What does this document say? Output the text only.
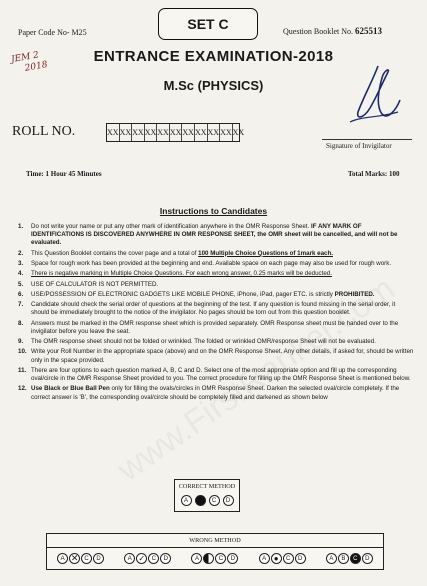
Paper Code No- M25
SET C	Question Booklet No. 625513
JEM 2
2018
ENTRANCE EXAMINATION-2018
M.Sc (PHYSICS)
ROLL NO.	XX XX XX XX XX XX XX XX XX XX XX
Signature of Invigilator
Time: 1 Hour 45 Minutes	Total Marks: 100
Instructions to Candidates
1.	Do not write your name or put any other mark of identification anywhere in the OMR Response Sheet. IF ANY MARK OF IDENTIFICATIONS IS DISCOVERED ANYWHERE IN OMR RESPONSE SHEET, the OMR sheet will be cancelled, and will not be evaluated.
2.	This Question Booklet contains the cover page and a total of 100 Multiple Choice Questions of 1mark each.
3.	Space for rough work has been provided at the beginning and end. Available space on each page may also be used for rough work.
4.	There is negative marking in Multiple Choice Questions. For each wrong answer, 0.25 marks will be deducted.
5.	USE OF CALCULATOR IS NOT PERMITTED.
6.	USE/POSSESSION OF ELECTRONIC GADGETS LIKE MOBILE PHONE, iPhone, iPad, pager ETC. is strictly PROHIBITED.
7.	Candidate should check the serial order of questions at the beginning of the test. If any question is found missing in the serial order, it should be immediately brought to the notice of the invigilator. No pages should be torn out from this question booklet.
8.	Answers must be marked in the OMR response sheet which is provided separately. OMR Response sheet must be handed over to the invigilator before you leave the seat.
9.	The OMR response sheet should not be folded or wrinkled. The folded or wrinkled OMR/response Sheet will not be evaluated.
10. Write your Roll Number in the appropriate space (above) and on the OMR Response Sheet. Any other details, if asked for, should be written only in the space provided.
11. There are four options to each question marked A, B, C and D. Select one of the most appropriate option and fill up the corresponding oval/circle in the OMR Response Sheet provided to you. The correct procedure for filling up the OMR Response Sheet is mentioned below.
12. Use Black or Blue Ball Pen only for filling the ovals/circles in OMR Response Sheet. Darken the selected oval/circle completely. If the correct answer is 'B', the corresponding oval/circle should be completely filled and darkened as shown below
CORRECT METHOD
A	B	C	D
WRONG METHOD
A ✕	C	D	A ✓	C	D	A	C	D	A ●	C	D	A	B	C	D
